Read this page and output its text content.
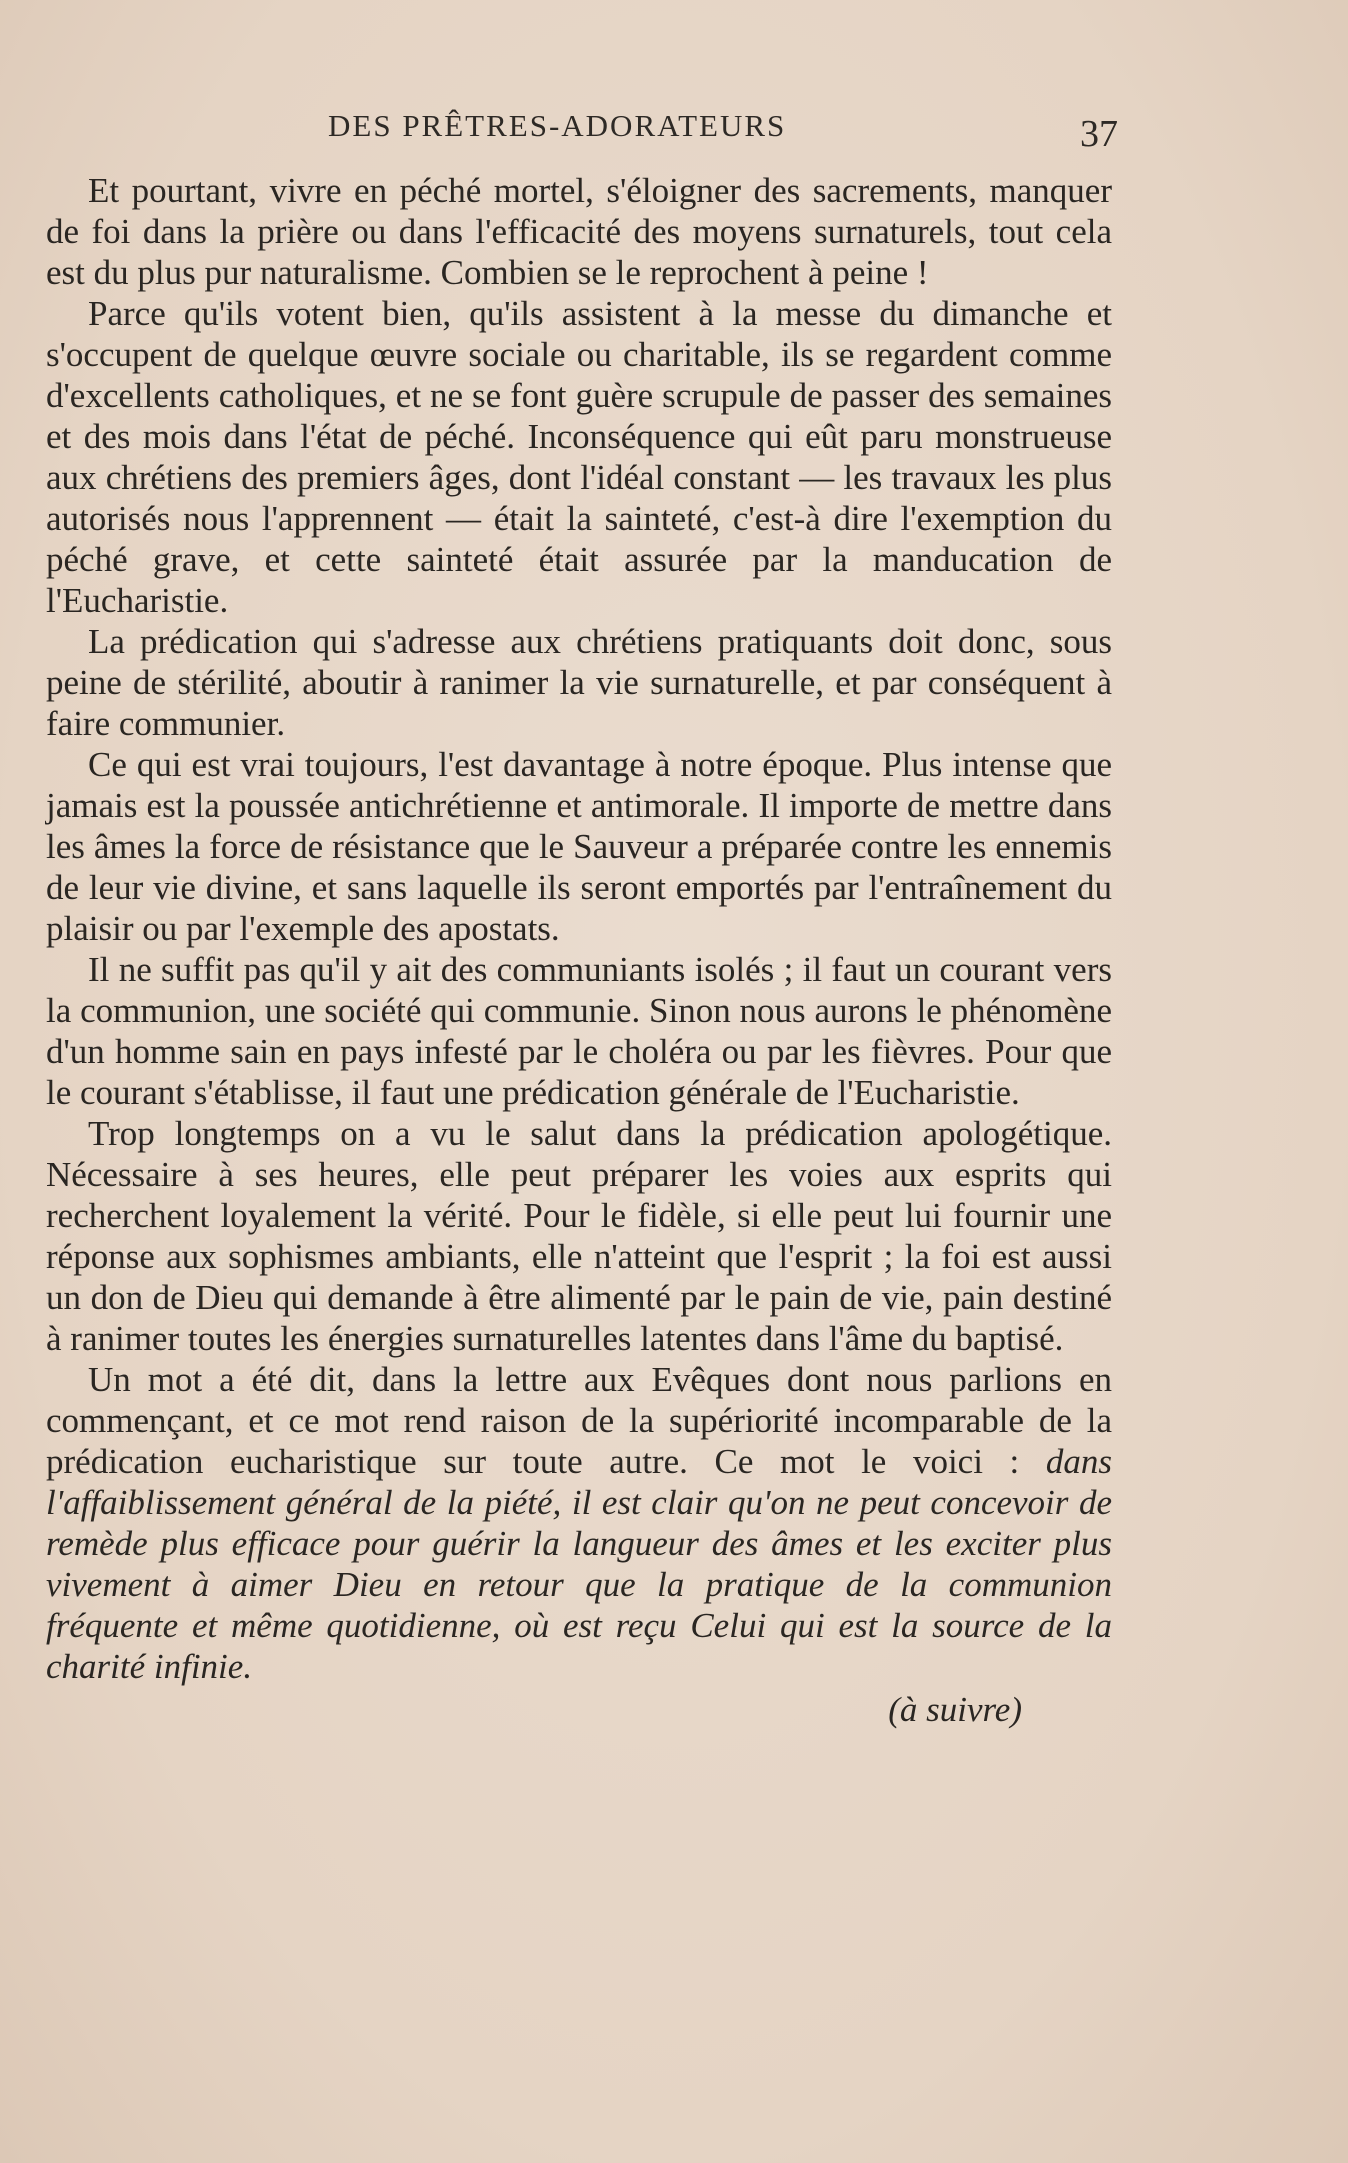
DES PRÊTRES-ADORATEURS	37

Et pourtant, vivre en péché mortel, s'éloigner des sacrements, manquer de foi dans la prière ou dans l'efficacité des moyens surnaturels, tout cela est du plus pur naturalisme. Combien se le reprochent à peine !

Parce qu'ils votent bien, qu'ils assistent à la messe du dimanche et s'occupent de quelque œuvre sociale ou charitable, ils se regardent comme d'excellents catholiques, et ne se font guère scrupule de passer des semaines et des mois dans l'état de péché. Inconséquence qui eût paru monstrueuse aux chrétiens des premiers âges, dont l'idéal constant — les travaux les plus autorisés nous l'apprennent — était la sainteté, c'est-à dire l'exemption du péché grave, et cette sainteté était assurée par la manducation de l'Eucharistie.

La prédication qui s'adresse aux chrétiens pratiquants doit donc, sous peine de stérilité, aboutir à ranimer la vie surnaturelle, et par conséquent à faire communier.

Ce qui est vrai toujours, l'est davantage à notre époque. Plus intense que jamais est la poussée antichrétienne et antimorale. Il importe de mettre dans les âmes la force de résistance que le Sauveur a préparée contre les ennemis de leur vie divine, et sans laquelle ils seront emportés par l'entraînement du plaisir ou par l'exemple des apostats.

Il ne suffit pas qu'il y ait des communiants isolés ; il faut un courant vers la communion, une société qui communie. Sinon nous aurons le phénomène d'un homme sain en pays infesté par le choléra ou par les fièvres. Pour que le courant s'établisse, il faut une prédication générale de l'Eucharistie.

Trop longtemps on a vu le salut dans la prédication apologétique. Nécessaire à ses heures, elle peut préparer les voies aux esprits qui recherchent loyalement la vérité. Pour le fidèle, si elle peut lui fournir une réponse aux sophismes ambiants, elle n'atteint que l'esprit ; la foi est aussi un don de Dieu qui demande à être alimenté par le pain de vie, pain destiné à ranimer toutes les énergies surnaturelles latentes dans l'âme du baptisé.

Un mot a été dit, dans la lettre aux Evêques dont nous parlions en commençant, et ce mot rend raison de la supériorité incomparable de la prédication eucharistique sur toute autre. Ce mot le voici : dans l'affaiblissement général de la piété, il est clair qu'on ne peut concevoir de remède plus efficace pour guérir la langueur des âmes et les exciter plus vivement à aimer Dieu en retour que la pratique de la communion fréquente et même quotidienne, où est reçu Celui qui est la source de la charité infinie.

(à suivre)
